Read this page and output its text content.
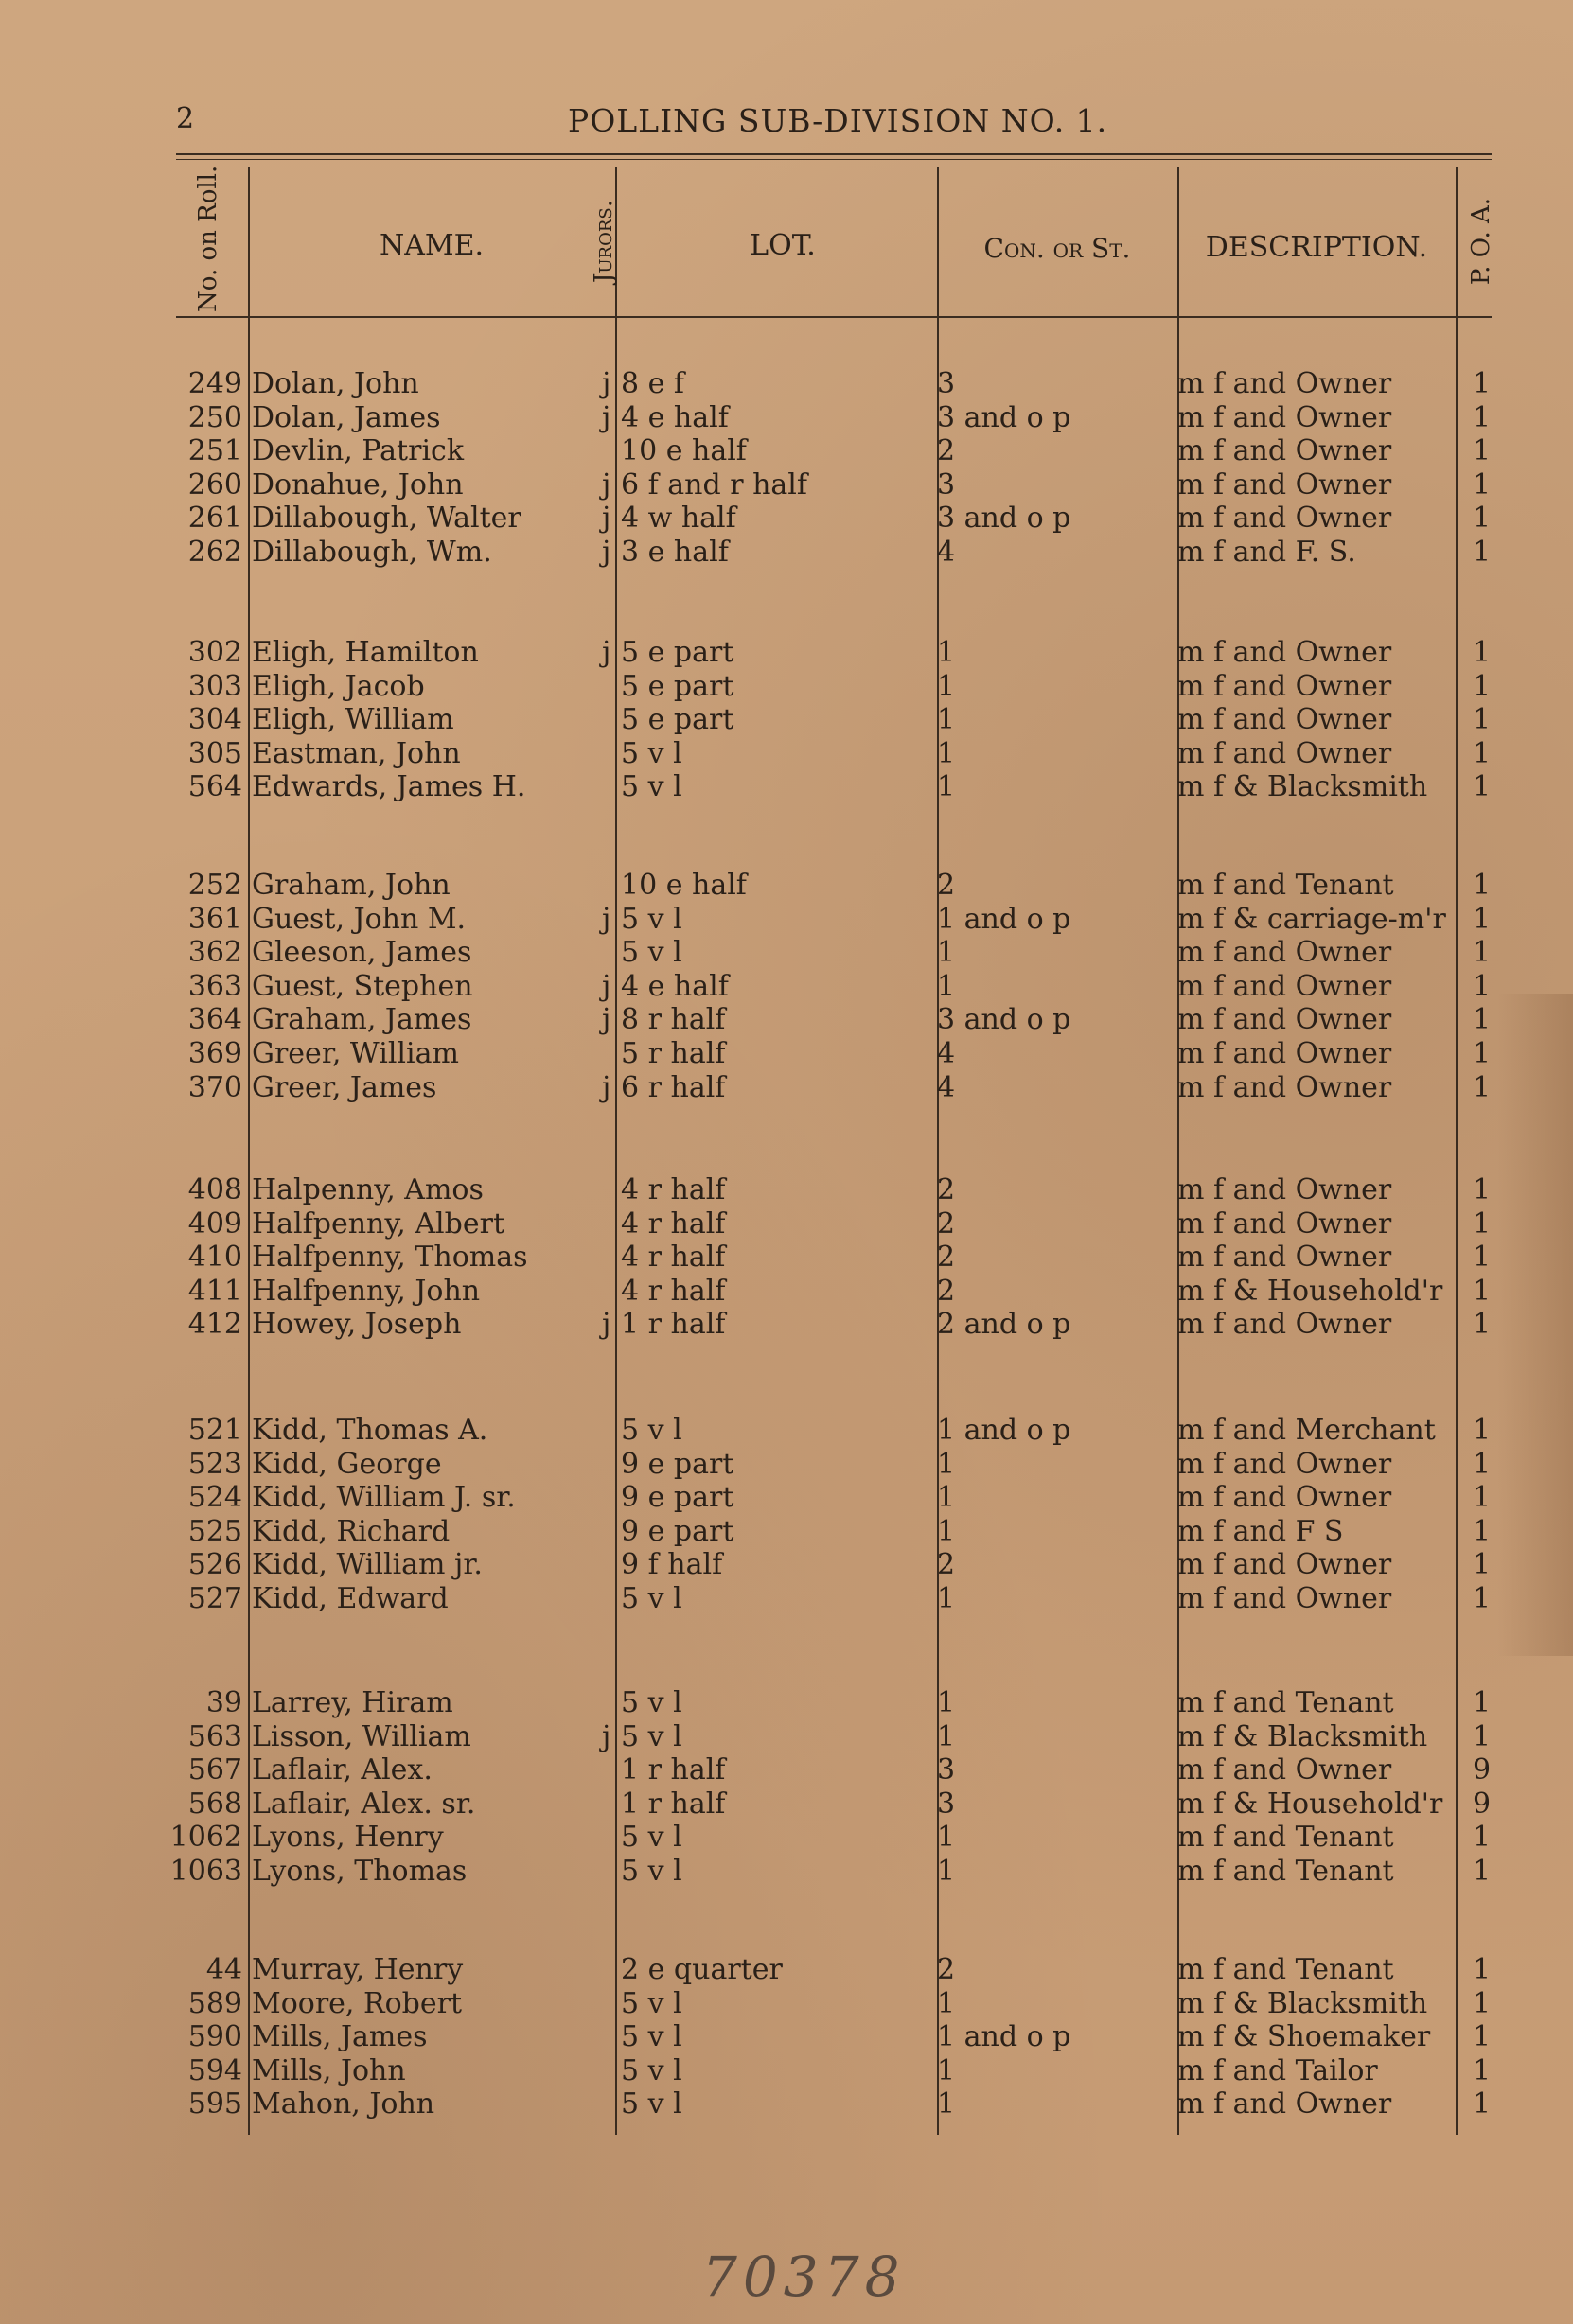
2	POLLING SUB-DIVISION NO. 1.
No. on Roll.	NAME.	Jurors.	LOT.	Con. or St.	DESCRIPTION.	P. O. A.
249 Dolan, John	j 8 e f	3	m f and Owner	1
250 Dolan, James	j 4 e half	3 and o p	m f and Owner	1
251 Devlin, Patrick	10 e half	2	m f and Owner	1
260 Donahue, John	j 6 f and r half	3	m f and Owner	1
261 Dillabough, Walter	j 4 w half	3 and o p	m f and Owner	1
262 Dillabough, Wm.	j 3 e half	4	m f and F. S.	1
302 Eligh, Hamilton	j 5 e part	1	m f and Owner	1
303 Eligh, Jacob	5 e part	1	m f and Owner	1
304 Eligh, William	5 e part	1	m f and Owner	1
305 Eastman, John	5 v l	1	m f and Owner	1
564 Edwards, James H.	5 v l	1	m f & Blacksmith 1
252 Graham, John	10 e half	2	m f and Tenant	1
361 Guest, John M.	j 5 v l	1 and o p	m f & carriage-m'r 1
362 Gleeson, James	5 v l	1	m f and Owner	1
363 Guest, Stephen	j 4 e half	1	m f and Owner	1
364 Graham, James	j 8 r half	3 and o p	m f and Owner	1
369 Greer, William	5 r half	4	m f and Owner	1
370 Greer, James	j 6 r half	4	m f and Owner	1
408 Halpenny, Amos	4 r half	2	m f and Owner	1
409 Halfpenny, Albert	4 r half	2	m f and Owner	1
410 Halfpenny, Thomas	4 r half	2	m f and Owner	1
411 Halfpenny, John	4 r half	2	m f & Household'r 1
412 Howey, Joseph	j 1 r half	2 and o p	m f and Owner	1
521 Kidd, Thomas A.	5 v l	1 and o p	m f and Merchant 1
523 Kidd, George	9 e part	1	m f and Owner	1
524 Kidd, William J. sr.	9 e part	1	m f and Owner	1
525 Kidd, Richard	9 e part	1	m f and F S	1
526 Kidd, William jr.	9 f half	2	m f and Owner	1
527 Kidd, Edward	5 v l	1	m f and Owner	1
39 Larrey, Hiram	5 v l	1	m f and Tenant	1
563 Lisson, William	j 5 v l	1	m f & Blacksmith 1
567 Laflair, Alex.	1 r half	3	m f and Owner	9
568 Laflair, Alex. sr.	1 r half	3	m f & Household'r 9
1062 Lyons, Henry	5 v l	1	m f and Tenant	1
1063 Lyons, Thomas	5 v l	1	m f and Tenant	1
44 Murray, Henry	2 e quarter	2	m f and Tenant	1
589 Moore, Robert	5 v l	1	m f & Blacksmith 1
590 Mills, James	5 v l	1 and o p	m f & Shoemaker 1
594 Mills, John	5 v l	1	m f and Tailor	1
595 Mahon, John	5 v l	1	m f and Owner	1
70378
